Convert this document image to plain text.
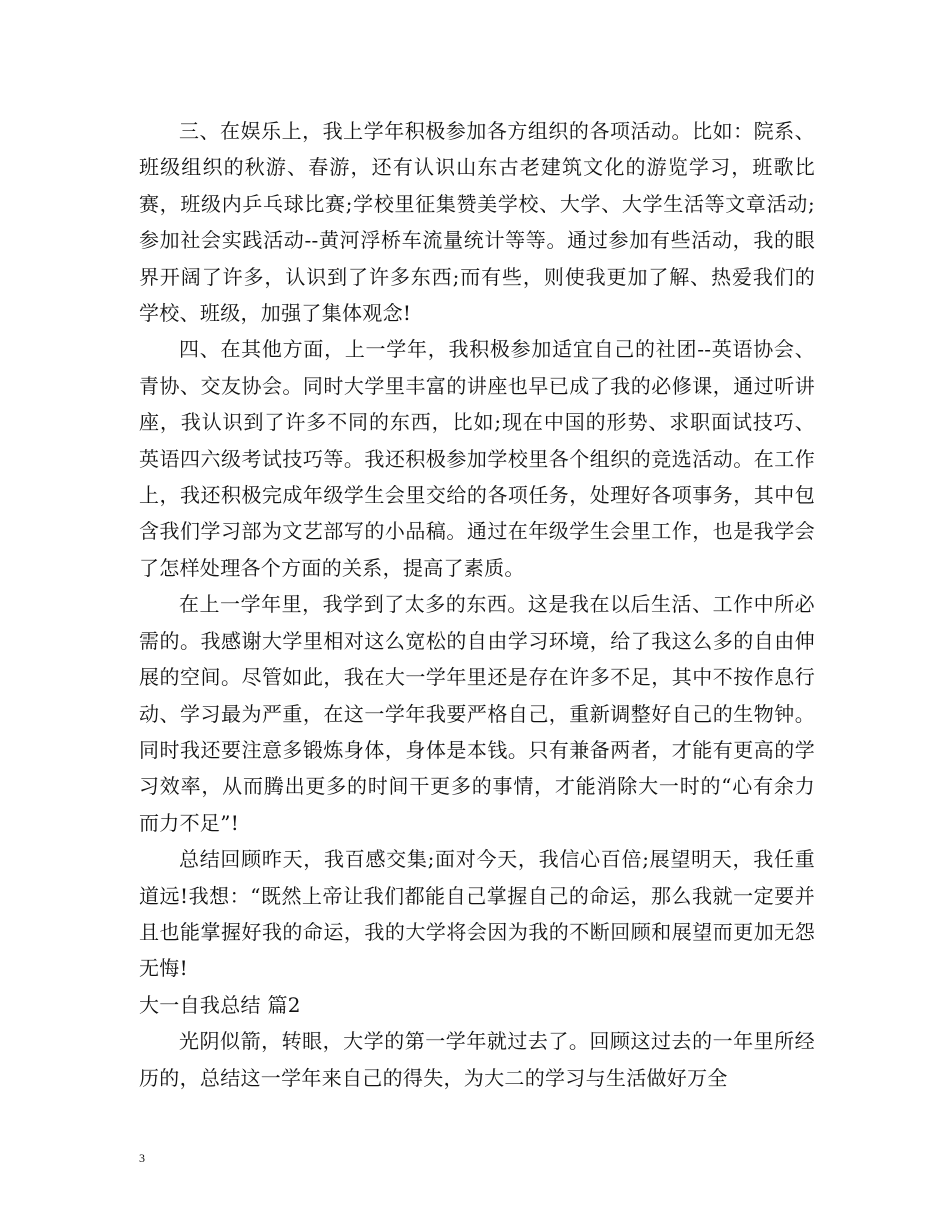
三、在娱乐上，我上学年积极参加各方组织的各项活动。比如：院系、班级组织的秋游、春游，还有认识山东古老建筑文化的游览学习，班歌比赛，班级内乒乓球比赛;学校里征集赞美学校、大学、大学生活等文章活动;参加社会实践活动--黄河浮桥车流量统计等等。通过参加有些活动，我的眼界开阔了许多，认识到了许多东西;而有些，则使我更加了解、热爱我们的学校、班级，加强了集体观念!

四、在其他方面，上一学年，我积极参加适宜自己的社团--英语协会、青协、交友协会。同时大学里丰富的讲座也早已成了我的必修课，通过听讲座，我认识到了许多不同的东西，比如;现在中国的形势、求职面试技巧、英语四六级考试技巧等。我还积极参加学校里各个组织的竞选活动。在工作上，我还积极完成年级学生会里交给的各项任务，处理好各项事务，其中包含我们学习部为文艺部写的小品稿。通过在年级学生会里工作，也是我学会了怎样处理各个方面的关系，提高了素质。

在上一学年里，我学到了太多的东西。这是我在以后生活、工作中所必需的。我感谢大学里相对这么宽松的自由学习环境，给了我这么多的自由伸展的空间。尽管如此，我在大一学年里还是存在许多不足，其中不按作息行动、学习最为严重，在这一学年我要严格自己，重新调整好自己的生物钟。同时我还要注意多锻炼身体，身体是本钱。只有兼备两者，才能有更高的学习效率，从而腾出更多的时间干更多的事情，才能消除大一时的“心有余力而力不足”!

总结回顾昨天，我百感交集;面对今天，我信心百倍;展望明天，我任重道远!我想：“既然上帝让我们都能自己掌握自己的命运，那么我就一定要并且也能掌握好我的命运，我的大学将会因为我的不断回顾和展望而更加无怨无悔!

大一自我总结 篇2

光阴似箭，转眼，大学的第一学年就过去了。回顾这过去的一年里所经历的，总结这一学年来自己的得失，为大二的学习与生活做好万全

3
